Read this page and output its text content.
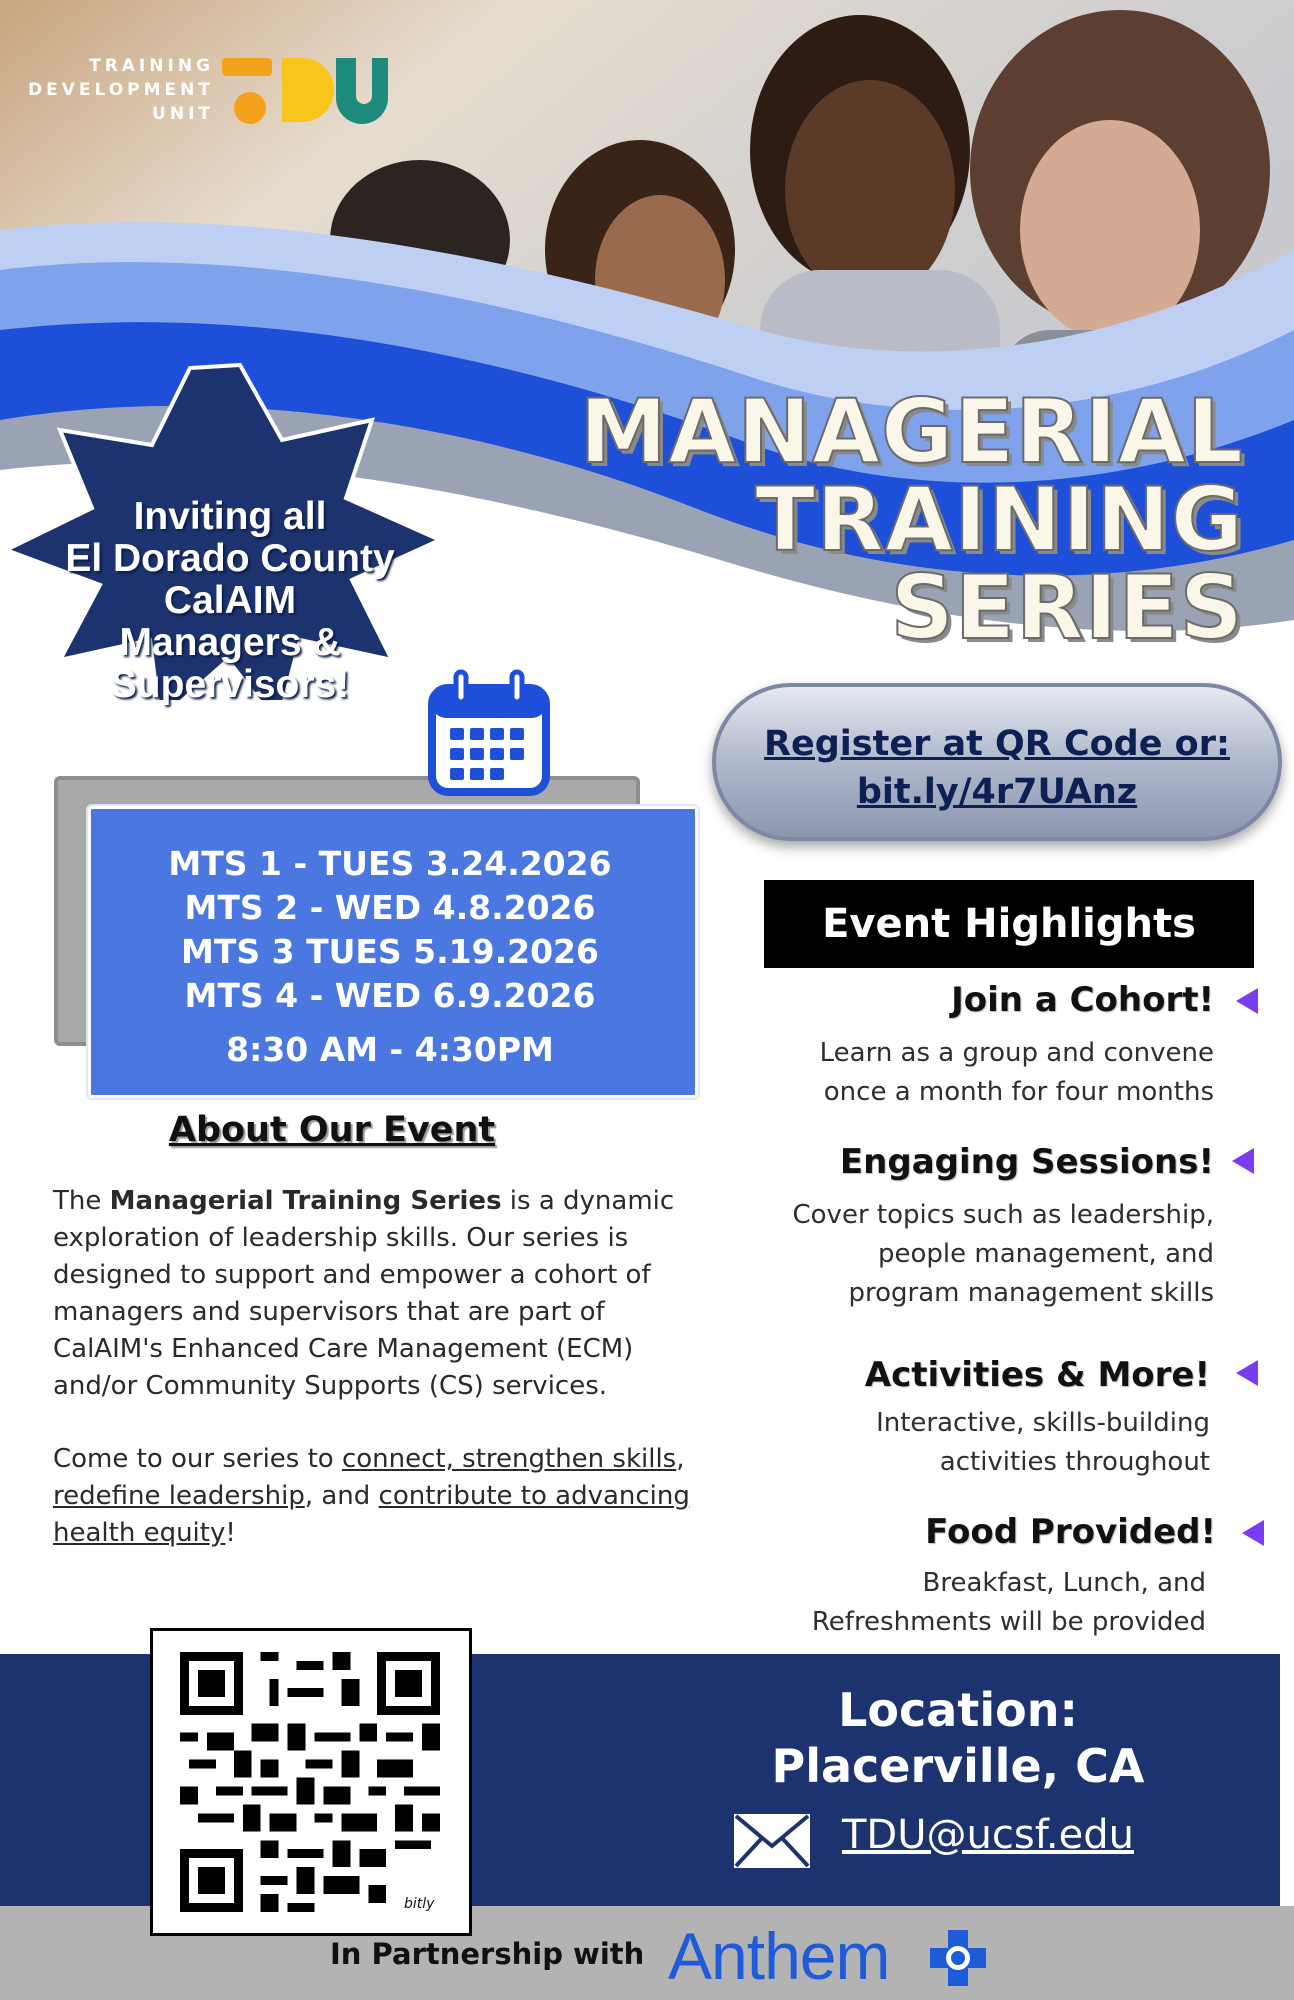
TRAINING
DEVELOPMENT
UNIT
MANAGERIAL
TRAINING
SERIES
Inviting all
El Dorado County
CalAIM
Managers &
Supervisors!
Register at QR Code or:
bit.ly/4r7UAnz
MTS 1 - TUES 3.24.2026
MTS 2 - WED 4.8.2026
MTS 3 TUES 5.19.2026
MTS 4 - WED 6.9.2026
8:30 AM - 4:30PM
About Our Event

The Managerial Training Series is a dynamic exploration of leadership skills. Our series is designed to support and empower a cohort of managers and supervisors that are part of CalAIM's Enhanced Care Management (ECM) and/or Community Supports (CS) services.

Come to our series to connect, strengthen skills, redefine leadership, and contribute to advancing health equity!

Event Highlights
Join a Cohort!
Learn as a group and convene
once a month for four months
Engaging Sessions!
Cover topics such as leadership,
people management, and
program management skills
Activities & More!
Interactive, skills-building
activities throughout
Food Provided!
Breakfast, Lunch, and
Refreshments will be provided
bitly
Location:
Placerville, CA
TDU@ucsf.edu
In Partnership with Anthem
